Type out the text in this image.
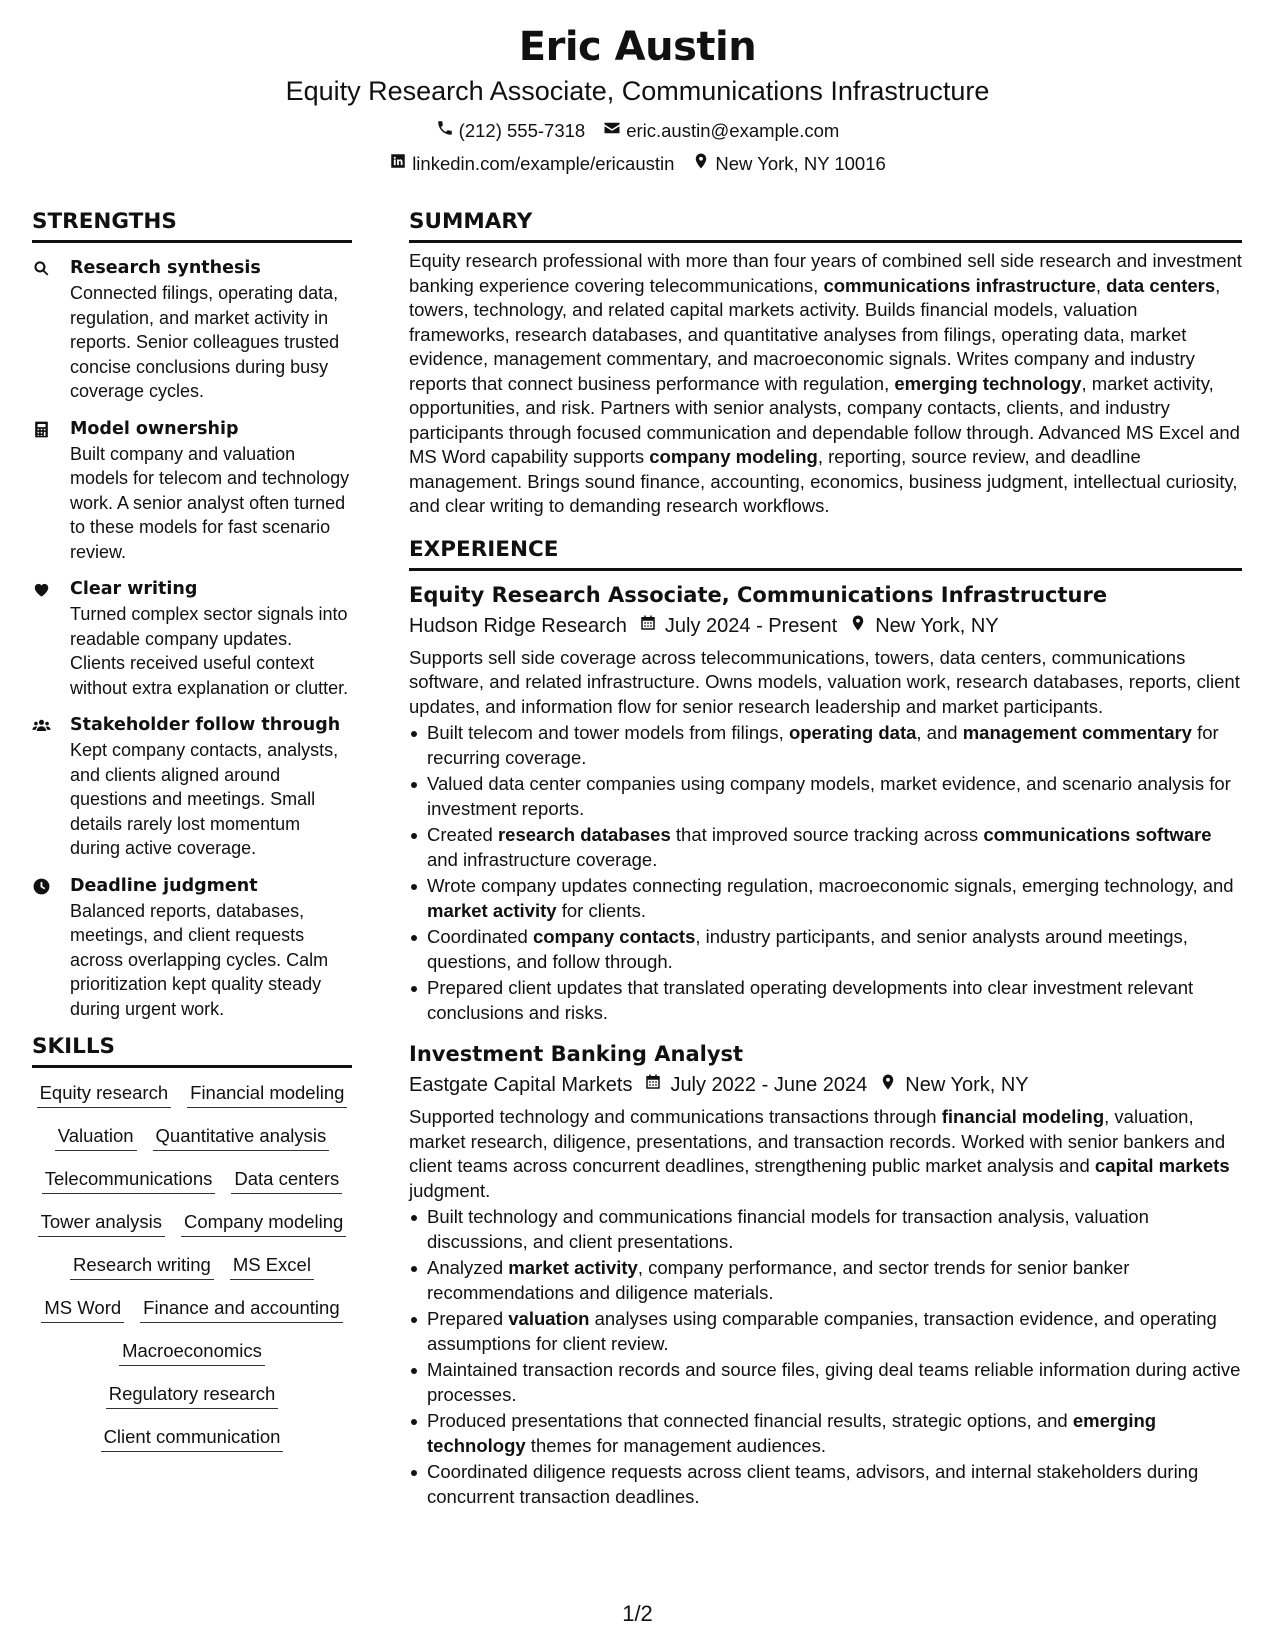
Eric Austin
Equity Research Associate, Communications Infrastructure
(212) 555-7318 eric.austin@example.com
linkedin.com/example/ericaustin New York, NY 10016
STRENGTHS
Research synthesis
Connected filings, operating data, regulation, and market activity in reports. Senior colleagues trusted concise conclusions during busy coverage cycles.
Model ownership
Built company and valuation models for telecom and technology work. A senior analyst often turned to these models for fast scenario review.
Clear writing
Turned complex sector signals into readable company updates. Clients received useful context without extra explanation or clutter.
Stakeholder follow through
Kept company contacts, analysts, and clients aligned around questions and meetings. Small details rarely lost momentum during active coverage.
Deadline judgment
Balanced reports, databases, meetings, and client requests across overlapping cycles. Calm prioritization kept quality steady during urgent work.
SKILLS
Equity research Financial modeling
Valuation Quantitative analysis
Telecommunications Data centers
Tower analysis Company modeling
Research writing MS Excel
MS Word Finance and accounting
Macroeconomics
Regulatory research
Client communication
SUMMARY

Equity research professional with more than four years of combined sell side research and investment banking experience covering telecommunications, communications infrastructure, data centers, towers, technology, and related capital markets activity. Builds financial models, valuation frameworks, research databases, and quantitative analyses from filings, operating data, market evidence, management commentary, and macroeconomic signals. Writes company and industry reports that connect business performance with regulation, emerging technology, market activity, opportunities, and risk. Partners with senior analysts, company contacts, clients, and industry participants through focused communication and dependable follow through. Advanced MS Excel and MS Word capability supports company modeling, reporting, source review, and deadline management. Brings sound finance, accounting, economics, business judgment, intellectual curiosity, and clear writing to demanding research workflows.

EXPERIENCE
Equity Research Associate, Communications Infrastructure
Hudson Ridge Research July 2024 - Present New York, NY

Supports sell side coverage across telecommunications, towers, data centers, communications software, and related infrastructure. Owns models, valuation work, research databases, reports, client updates, and information flow for senior research leadership and market participants.

Built telecom and tower models from filings, operating data, and management commentary for recurring coverage.
Valued data center companies using company models, market evidence, and scenario analysis for investment reports.
Created research databases that improved source tracking across communications software and infrastructure coverage.
Wrote company updates connecting regulation, macroeconomic signals, emerging technology, and market activity for clients.
Coordinated company contacts, industry participants, and senior analysts around meetings, questions, and follow through.
Prepared client updates that translated operating developments into clear investment relevant conclusions and risks.
Investment Banking Analyst
Eastgate Capital Markets July 2022 - June 2024 New York, NY

Supported technology and communications transactions through financial modeling, valuation, market research, diligence, presentations, and transaction records. Worked with senior bankers and client teams across concurrent deadlines, strengthening public market analysis and capital markets judgment.

Built technology and communications financial models for transaction analysis, valuation discussions, and client presentations.
Analyzed market activity, company performance, and sector trends for senior banker recommendations and diligence materials.
Prepared valuation analyses using comparable companies, transaction evidence, and operating assumptions for client review.
Maintained transaction records and source files, giving deal teams reliable information during active processes.
Produced presentations that connected financial results, strategic options, and emerging technology themes for management audiences.
Coordinated diligence requests across client teams, advisors, and internal stakeholders during concurrent transaction deadlines.
1/2
